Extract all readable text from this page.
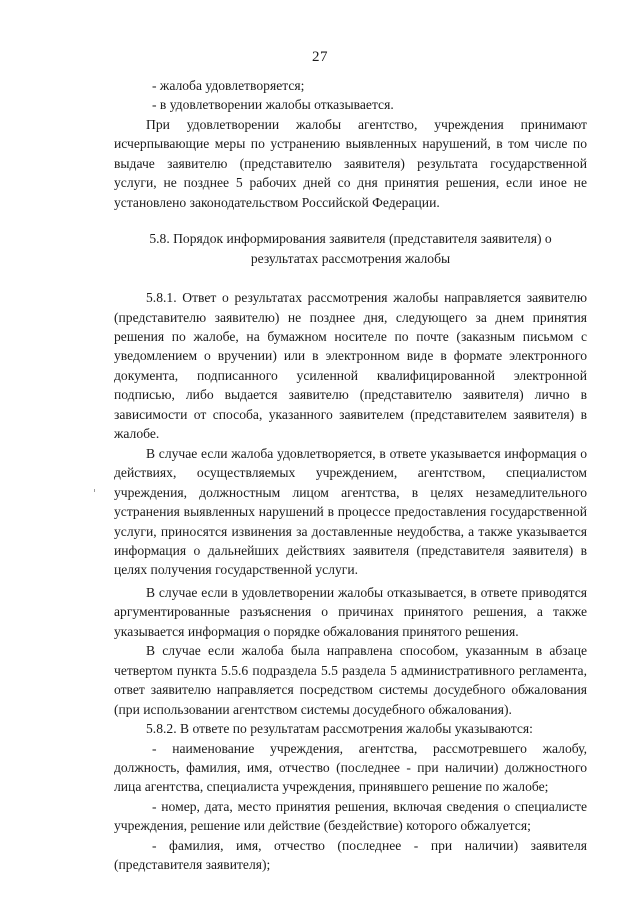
27

- жалоба удовлетворяется;

- в удовлетворении жалобы отказывается.

При удовлетворении жалобы агентство, учреждения принимают исчерпывающие меры по устранению выявленных нарушений, в том числе по выдаче заявителю (представителю заявителя) результата государственной услуги, не позднее 5 рабочих дней со дня принятия решения, если иное не установлено законодательством Российской Федерации.

5.8. Порядок информирования заявителя (представителя заявителя) о результатах рассмотрения жалобы

5.8.1. Ответ о результатах рассмотрения жалобы направляется заявителю (представителю заявителю) не позднее дня, следующего за днем принятия решения по жалобе, на бумажном носителе по почте (заказным письмом с уведомлением о вручении) или в электронном виде в формате электронного документа, подписанного усиленной квалифицированной электронной подписью, либо выдается заявителю (представителю заявителя) лично в зависимости от способа, указанного заявителем (представителем заявителя) в жалобе.

В случае если жалоба удовлетворяется, в ответе указывается информация о действиях, осуществляемых учреждением, агентством, специалистом учреждения, должностным лицом агентства, в целях незамедлительного устранения выявленных нарушений в процессе предоставления государственной услуги, приносятся извинения за доставленные неудобства, а также указывается информация о дальнейших действиях заявителя (представителя заявителя) в целях получения государственной услуги.

В случае если в удовлетворении жалобы отказывается, в ответе приводятся аргументированные разъяснения о причинах принятого решения, а также указывается информация о порядке обжалования принятого решения.

В случае если жалоба была направлена способом, указанным в абзаце четвертом пункта 5.5.6 подраздела 5.5 раздела 5 административного регламента, ответ заявителю направляется посредством системы досудебного обжалования (при использовании агентством системы досудебного обжалования).

5.8.2. В ответе по результатам рассмотрения жалобы указываются:

- наименование учреждения, агентства, рассмотревшего жалобу, должность, фамилия, имя, отчество (последнее - при наличии) должностного лица агентства, специалиста учреждения, принявшего решение по жалобе;

- номер, дата, место принятия решения, включая сведения о специалисте учреждения, решение или действие (бездействие) которого обжалуется;

- фамилия, имя, отчество (последнее - при наличии) заявителя (представителя заявителя);
